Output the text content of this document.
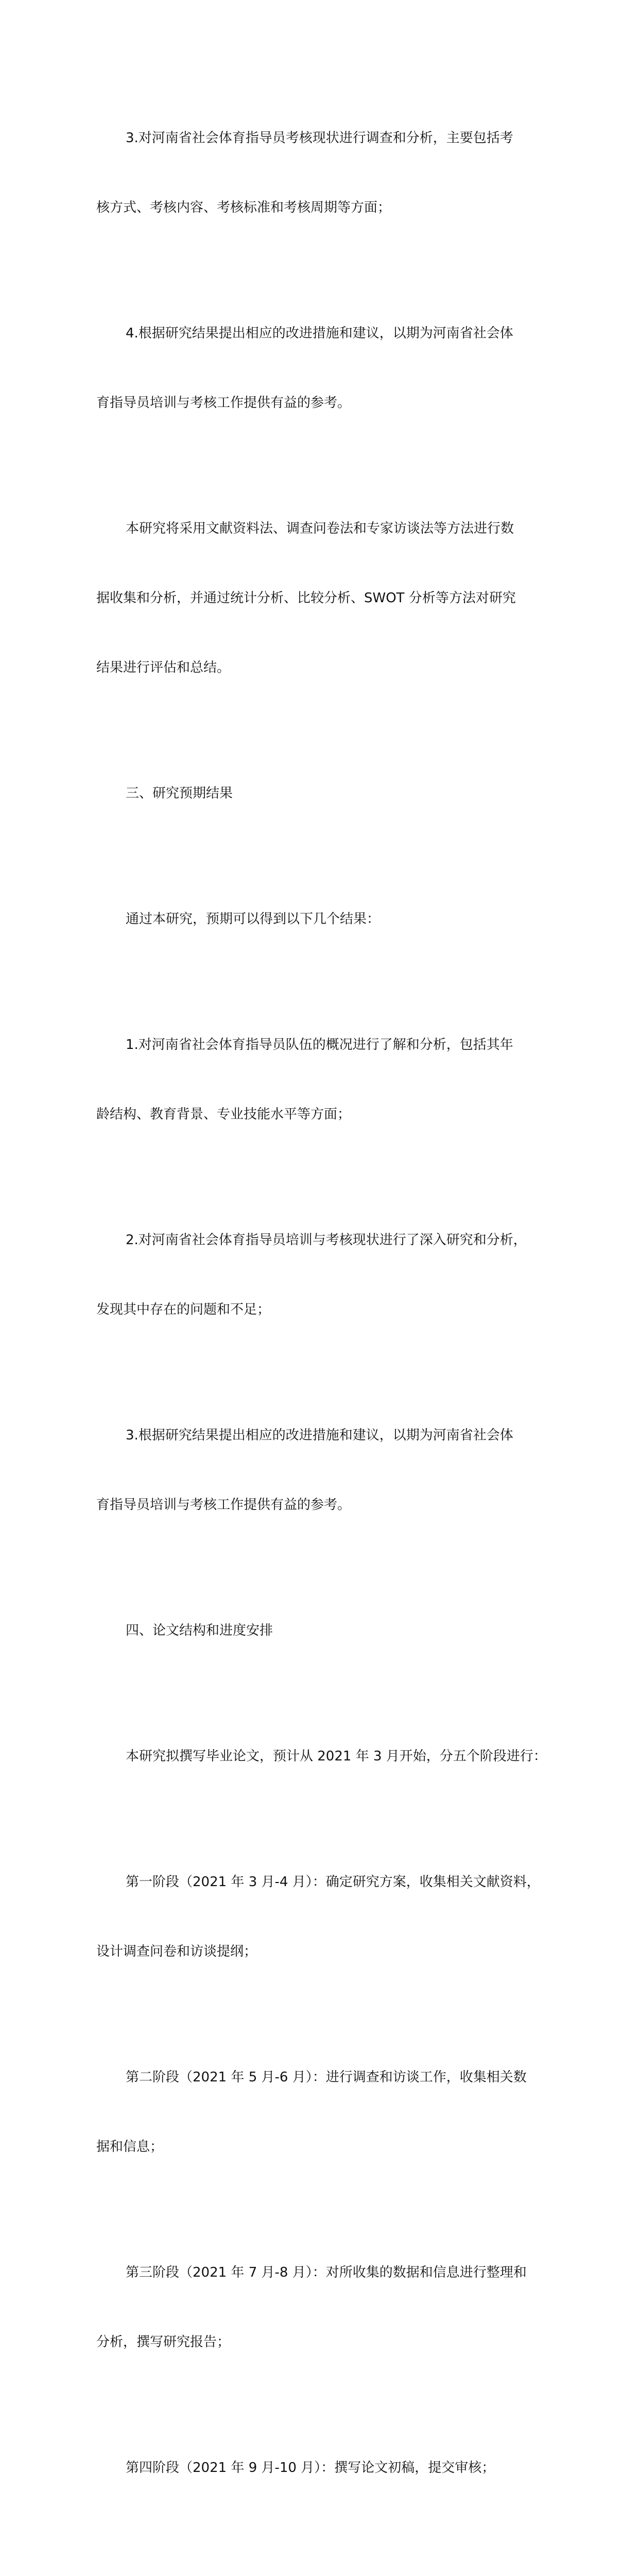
3.对河南省社会体育指导员考核现状进行调查和分析，主要包括考

核方式、考核内容、考核标准和考核周期等方面；

4.根据研究结果提出相应的改进措施和建议，以期为河南省社会体

育指导员培训与考核工作提供有益的参考。

本研究将采用文献资料法、调查问卷法和专家访谈法等方法进行数

据收集和分析，并通过统计分析、比较分析、SWOT 分析等方法对研究

结果进行评估和总结。

三、研究预期结果

通过本研究，预期可以得到以下几个结果：

1.对河南省社会体育指导员队伍的概况进行了解和分析，包括其年

龄结构、教育背景、专业技能水平等方面；

2.对河南省社会体育指导员培训与考核现状进行了深入研究和分析，

发现其中存在的问题和不足；

3.根据研究结果提出相应的改进措施和建议，以期为河南省社会体

育指导员培训与考核工作提供有益的参考。

四、论文结构和进度安排

本研究拟撰写毕业论文，预计从 2021 年 3 月开始，分五个阶段进行：

第一阶段（2021 年 3 月-4 月）：确定研究方案，收集相关文献资料，

设计调查问卷和访谈提纲；

第二阶段（2021 年 5 月-6 月）：进行调查和访谈工作，收集相关数

据和信息；

第三阶段（2021 年 7 月-8 月）：对所收集的数据和信息进行整理和

分析，撰写研究报告；

第四阶段（2021 年 9 月-10 月）：撰写论文初稿，提交审核；
